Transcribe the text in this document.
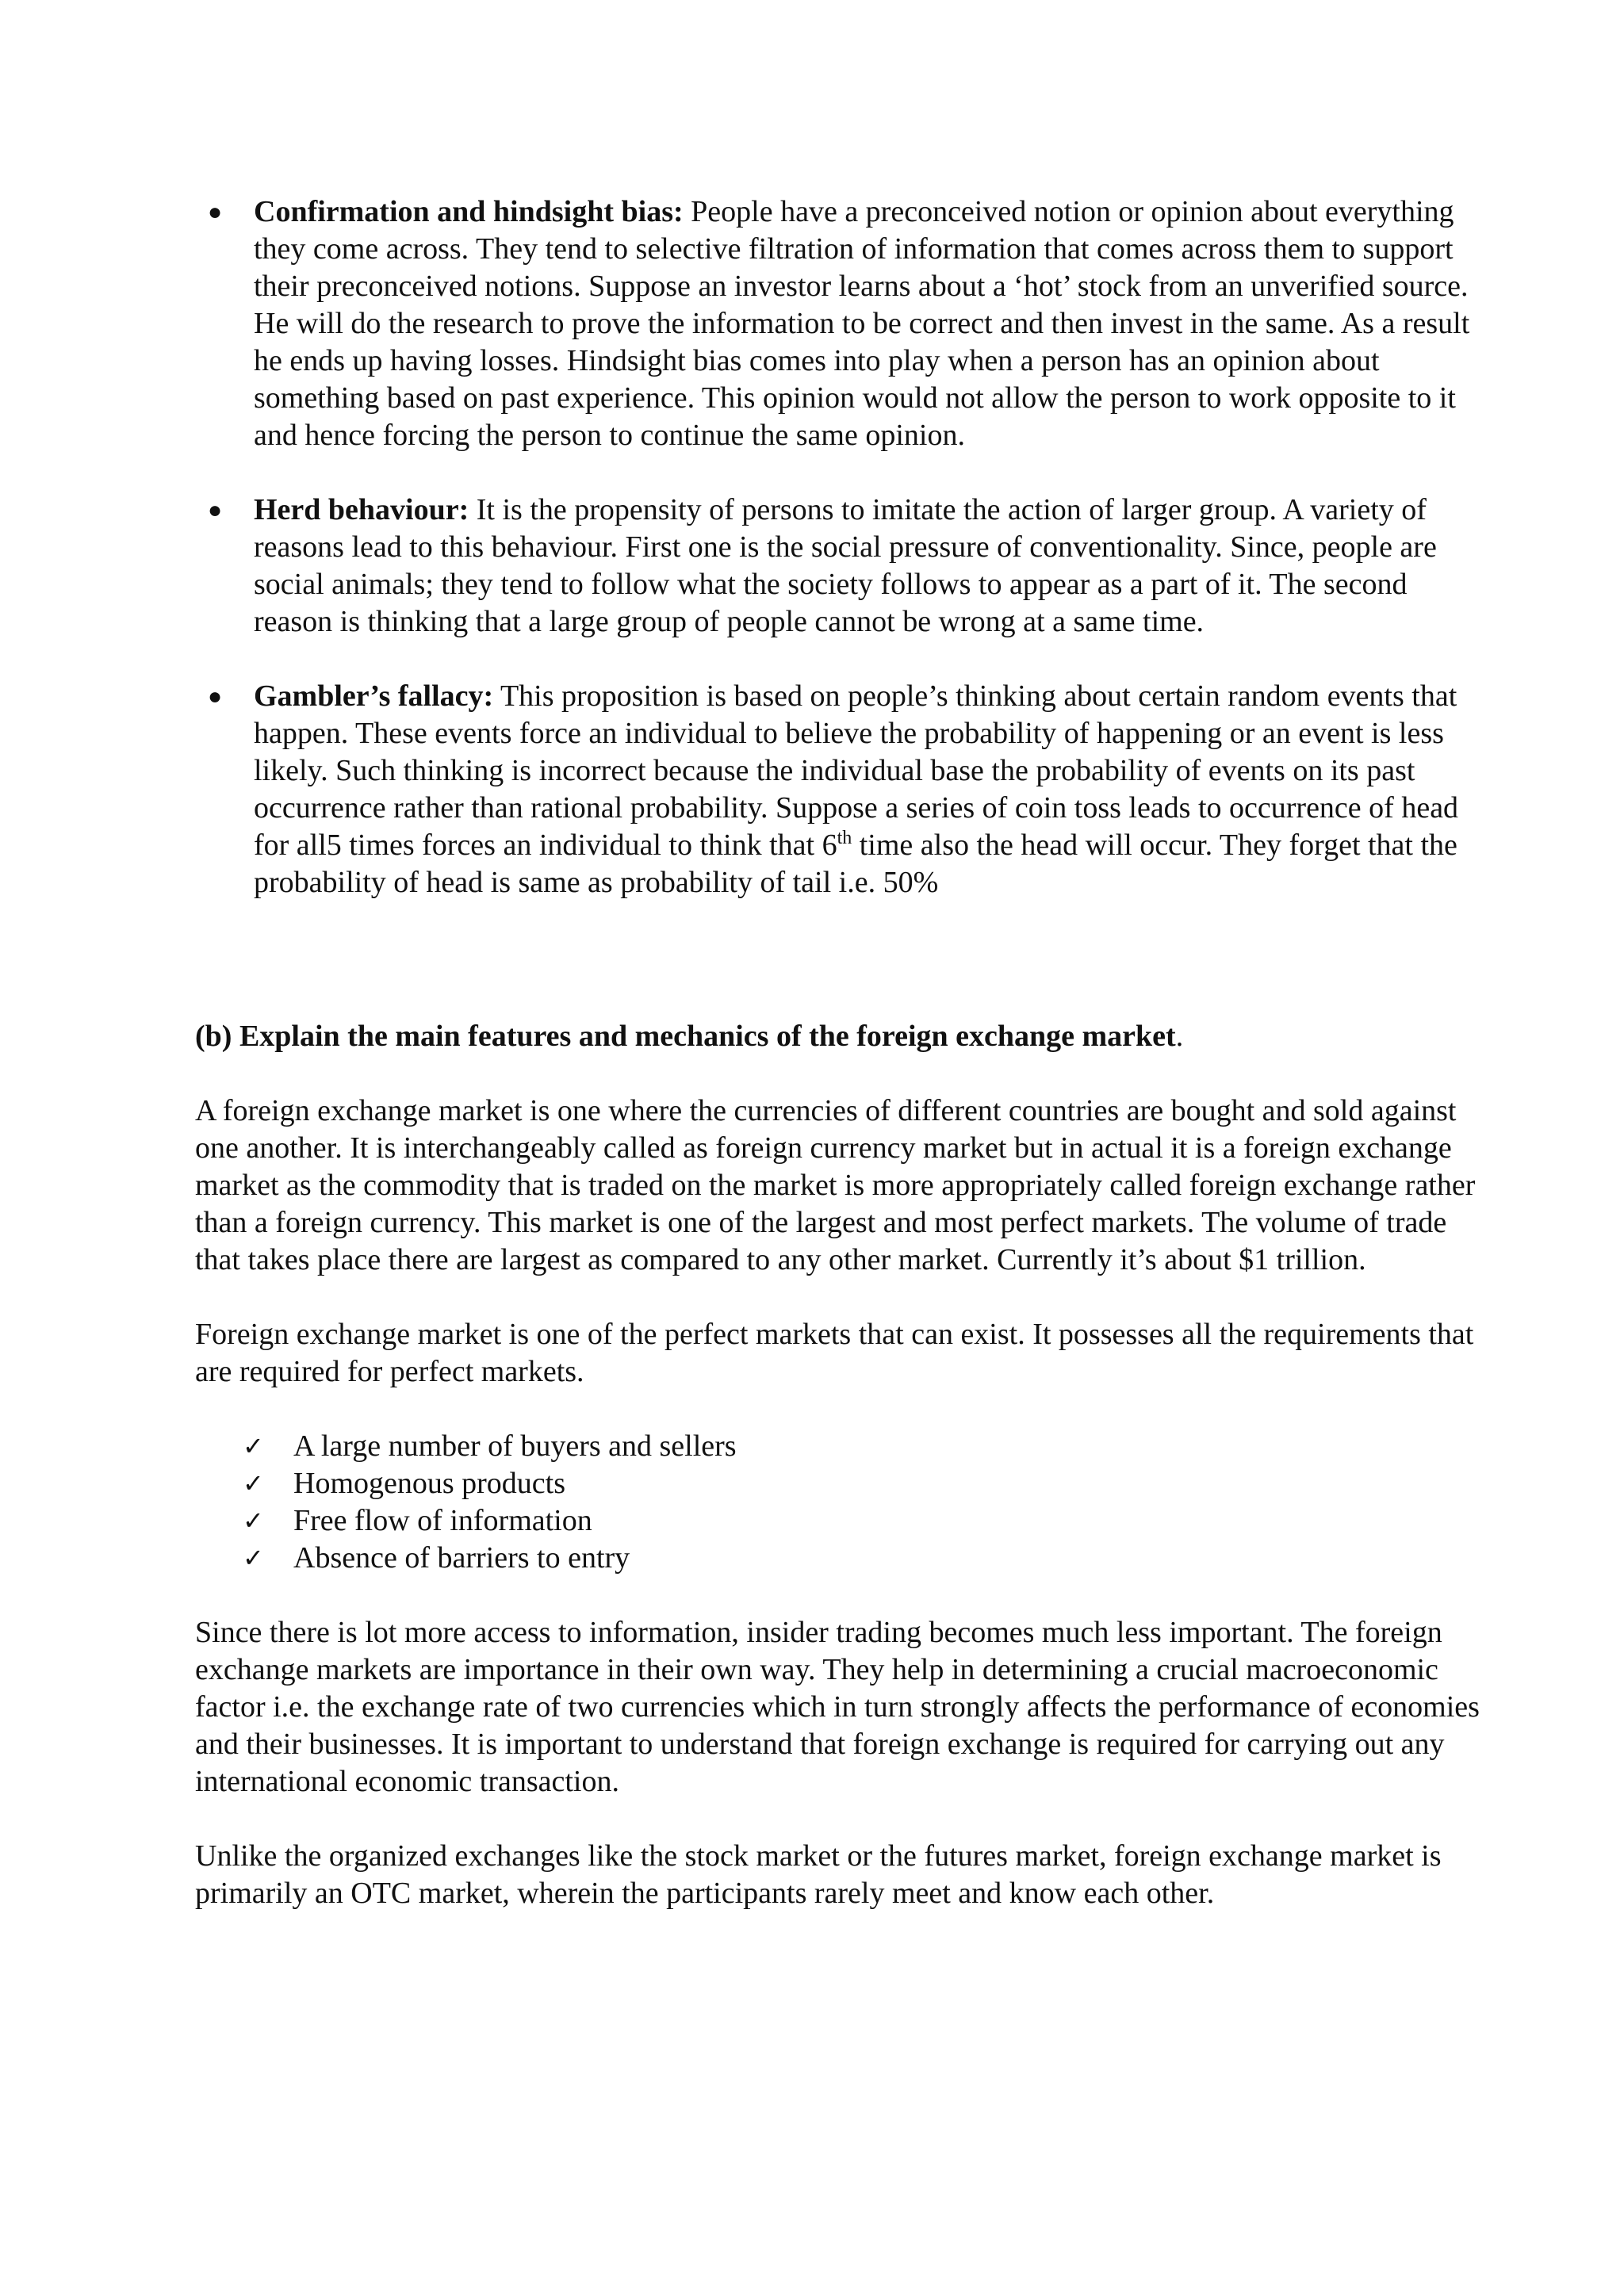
● Confirmation and hindsight bias: People have a preconceived notion or opinion about everything they come across. They tend to selective filtration of information that comes across them to support their preconceived notions. Suppose an investor learns about a ‘hot’ stock from an unverified source. He will do the research to prove the information to be correct and then invest in the same. As a result he ends up having losses. Hindsight bias comes into play when a person has an opinion about something based on past experience. This opinion would not allow the person to work opposite to it and hence forcing the person to continue the same opinion.

● Herd behaviour: It is the propensity of persons to imitate the action of larger group. A variety of reasons lead to this behaviour. First one is the social pressure of conventionality. Since, people are social animals; they tend to follow what the society follows to appear as a part of it. The second reason is thinking that a large group of people cannot be wrong at a same time.

● Gambler’s fallacy: This proposition is based on people’s thinking about certain random events that happen. These events force an individual to believe the probability of happening or an event is less likely. Such thinking is incorrect because the individual base the probability of events on its past occurrence rather than rational probability. Suppose a series of coin toss leads to occurrence of head for all5 times forces an individual to think that 6th time also the head will occur. They forget that the probability of head is same as probability of tail i.e. 50%

(b) Explain the main features and mechanics of the foreign exchange market.

A foreign exchange market is one where the currencies of different countries are bought and sold against one another. It is interchangeably called as foreign currency market but in actual it is a foreign exchange market as the commodity that is traded on the market is more appropriately called foreign exchange rather than a foreign currency. This market is one of the largest and most perfect markets. The volume of trade that takes place there are largest as compared to any other market. Currently it’s about $1 trillion.

Foreign exchange market is one of the perfect markets that can exist. It possesses all the requirements that are required for perfect markets.

✓ A large number of buyers and sellers
✓ Homogenous products
✓ Free flow of information
✓ Absence of barriers to entry

Since there is lot more access to information, insider trading becomes much less important. The foreign exchange markets are importance in their own way. They help in determining a crucial macroeconomic factor i.e. the exchange rate of two currencies which in turn strongly affects the performance of economies and their businesses. It is important to understand that foreign exchange is required for carrying out any international economic transaction.

Unlike the organized exchanges like the stock market or the futures market, foreign exchange market is primarily an OTC market, wherein the participants rarely meet and know each other.
